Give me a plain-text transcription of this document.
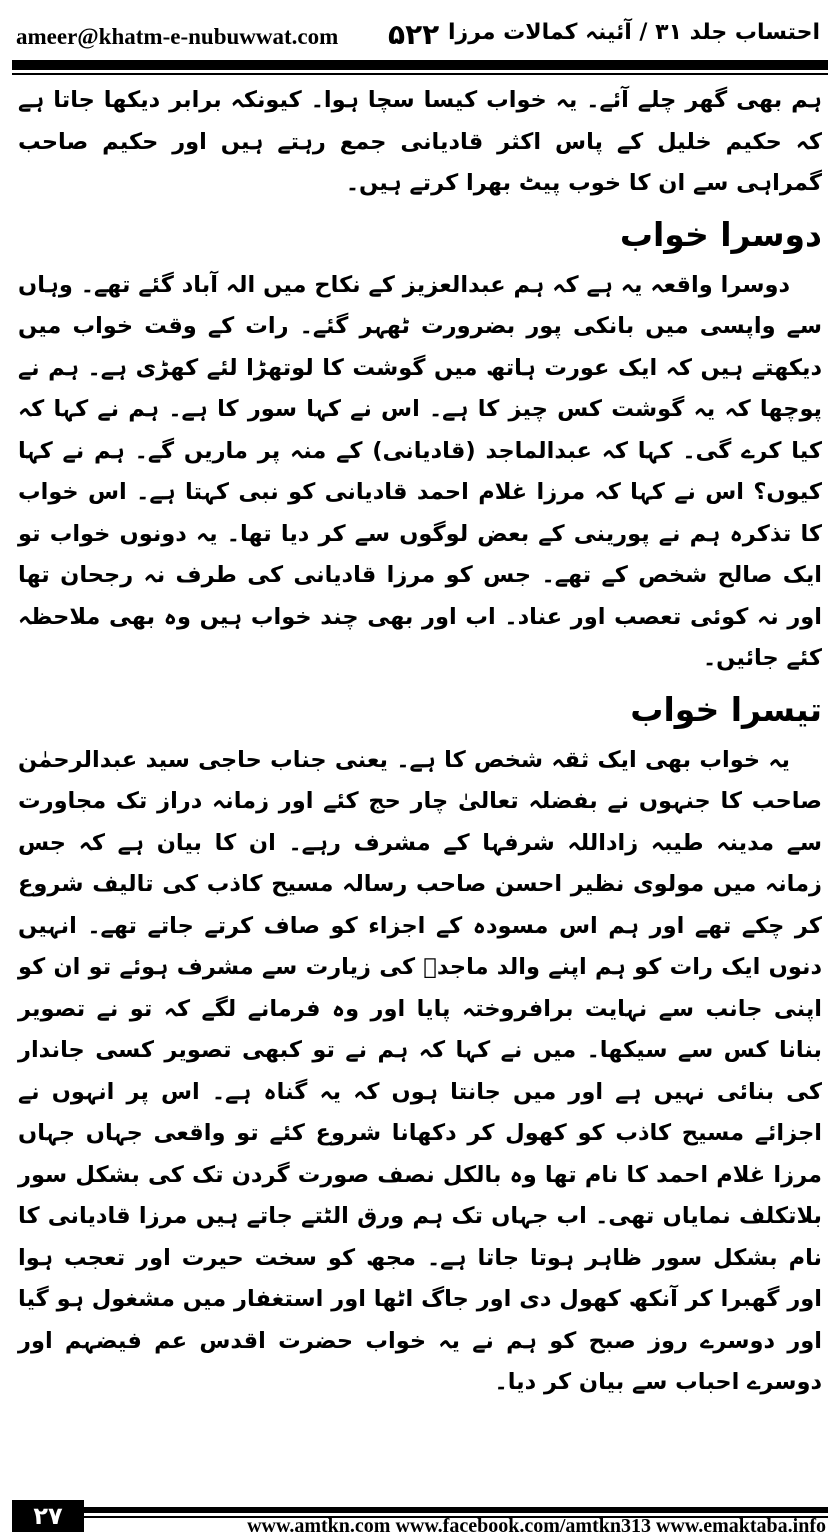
ameer@khatm-e-nubuwwat.com ۵۲۲ احتساب جلد ۳۱ / آئینہ کمالات مرزا

ہم بھی گھر چلے آئے۔ یہ خواب کیسا سچا ہوا۔ کیونکہ برابر دیکھا جاتا ہے کہ حکیم خلیل کے پاس اکثر قادیانی جمع رہتے ہیں اور حکیم صاحب گمراہی سے ان کا خوب پیٹ بھرا کرتے ہیں۔

دوسرا خواب

دوسرا واقعہ یہ ہے کہ ہم عبدالعزیز کے نکاح میں الہ آباد گئے تھے۔ وہاں سے واپسی میں بانکی پور بضرورت ٹھہر گئے۔ رات کے وقت خواب میں دیکھتے ہیں کہ ایک عورت ہاتھ میں گوشت کا لوتھڑا لئے کھڑی ہے۔ ہم نے پوچھا کہ یہ گوشت کس چیز کا ہے۔ اس نے کہا سور کا ہے۔ ہم نے کہا کہ کیا کرے گی۔ کہا کہ عبدالماجد (قادیانی) کے منہ پر ماریں گے۔ ہم نے کہا کیوں؟ اس نے کہا کہ مرزا غلام احمد قادیانی کو نبی کہتا ہے۔ اس خواب کا تذکرہ ہم نے پورینی کے بعض لوگوں سے کر دیا تھا۔ یہ دونوں خواب تو ایک صالح شخص کے تھے۔ جس کو مرزا قادیانی کی طرف نہ رجحان تھا اور نہ کوئی تعصب اور عناد۔ اب اور بھی چند خواب ہیں وہ بھی ملاحظہ کئے جائیں۔

تیسرا خواب

یہ خواب بھی ایک ثقہ شخص کا ہے۔ یعنی جناب حاجی سید عبدالرحمٰن صاحب کا جنہوں نے بفضلہ تعالیٰ چار حج کئے اور زمانہ دراز تک مجاورت سے مدینہ طیبہ زاداللہ شرفہا کے مشرف رہے۔ ان کا بیان ہے کہ جس زمانہ میں مولوی نظیر احسن صاحب رسالہ مسیح کاذب کی تالیف شروع کر چکے تھے اور ہم اس مسودہ کے اجزاء کو صاف کرتے جاتے تھے۔ انہیں دنوں ایک رات کو ہم اپنے والد ماجدؒ کی زیارت سے مشرف ہوئے تو ان کو اپنی جانب سے نہایت برافروختہ پایا اور وہ فرمانے لگے کہ تو نے تصویر بنانا کس سے سیکھا۔ میں نے کہا کہ ہم نے تو کبھی تصویر کسی جاندار کی بنائی نہیں ہے اور میں جانتا ہوں کہ یہ گناہ ہے۔ اس پر انہوں نے اجزائے مسیح کاذب کو کھول کر دکھانا شروع کئے تو واقعی جہاں جہاں مرزا غلام احمد کا نام تھا وہ بالکل نصف صورت گردن تک کی بشکل سور بلاتکلف نمایاں تھی۔ اب جہاں تک ہم ورق الٹتے جاتے ہیں مرزا قادیانی کا نام بشکل سور ظاہر ہوتا جاتا ہے۔ مجھ کو سخت حیرت اور تعجب ہوا اور گھبرا کر آنکھ کھول دی اور جاگ اٹھا اور استغفار میں مشغول ہو گیا اور دوسرے روز صبح کو ہم نے یہ خواب حضرت اقدس عم فیضہم اور دوسرے احباب سے بیان کر دیا۔

۲۷	www.amtkn.com www.facebook.com/amtkn313 www.emaktaba.info
